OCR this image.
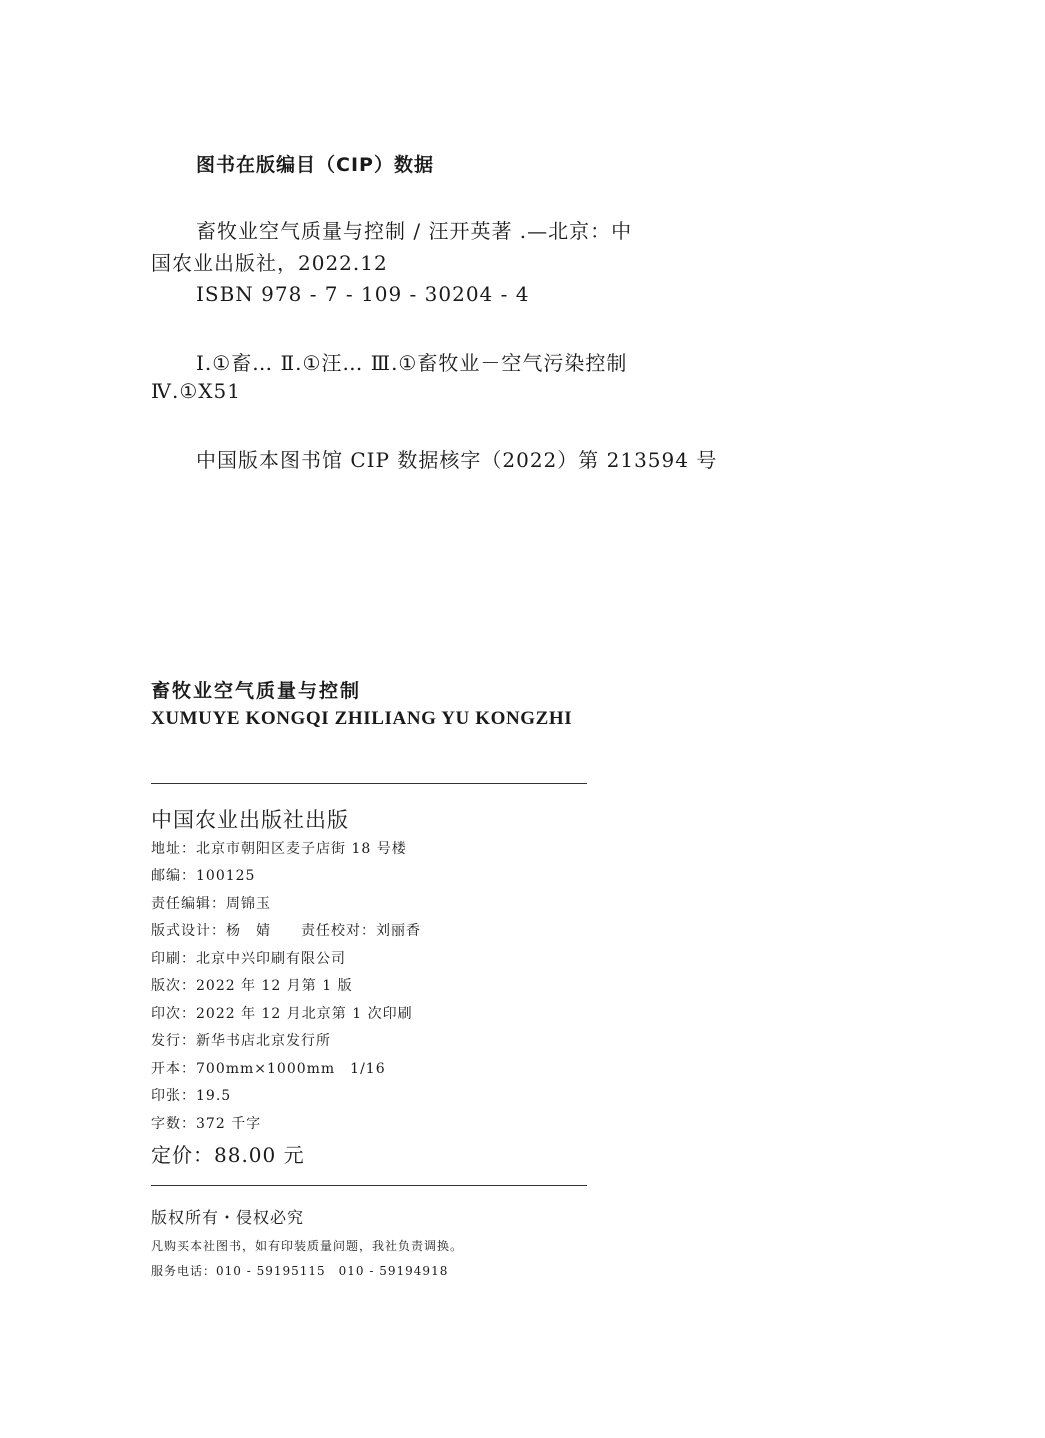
图书在版编目（CIP）数据
畜牧业空气质量与控制 / 汪开英著 .—北京：中
国农业出版社，2022.12
ISBN 978 - 7 - 109 - 30204 - 4
Ⅰ.①畜… Ⅱ.①汪… Ⅲ.①畜牧业－空气污染控制
Ⅳ.①X51
中国版本图书馆 CIP 数据核字（2022）第 213594 号
畜牧业空气质量与控制
XUMUYE KONGQI ZHILIANG YU KONGZHI
中国农业出版社出版
地址：北京市朝阳区麦子店街 18 号楼
邮编：100125
责任编辑：周锦玉
版式设计：杨　婧　　责任校对：刘丽香
印刷：北京中兴印刷有限公司
版次：2022 年 12 月第 1 版
印次：2022 年 12 月北京第 1 次印刷
发行：新华书店北京发行所
开本：700mm×1000mm　1/16
印张：19.5
字数：372 千字
定价：88.00 元
版权所有・侵权必究
凡购买本社图书，如有印装质量问题，我社负责调换。
服务电话：010 - 59195115　010 - 59194918
